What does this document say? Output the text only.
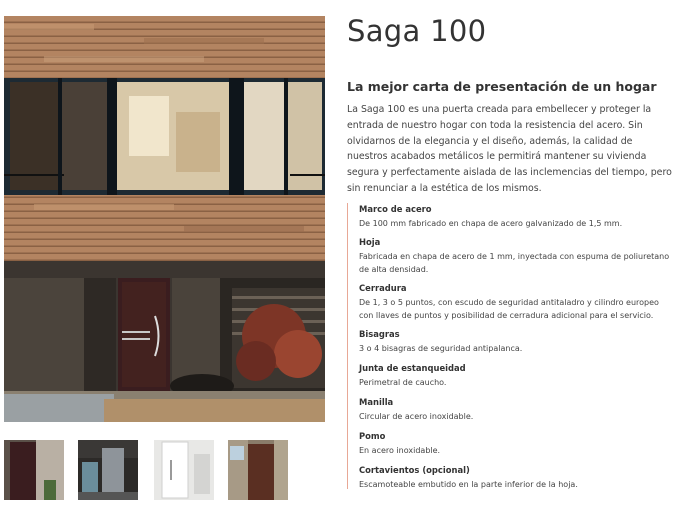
Saga 100
La mejor carta de presentación de un hogar

La Saga 100 es una puerta creada para embellecer y proteger la entrada de nuestro hogar con toda la resistencia del acero. Sin olvidarnos de la elegancia y el diseño, además, la calidad de nuestros acabados metálicos le permitirá mantener su vivienda segura y perfectamente aislada de las inclemencias del tiempo, pero sin renunciar a la estética de los mismos.

Marco de acero
De 100 mm fabricado en chapa de acero galvanizado de 1,5 mm.
Hoja
Fabricada en chapa de acero de 1 mm, inyectada con espuma de poliuretano de alta densidad.
Cerradura
De 1, 3 o 5 puntos, con escudo de seguridad antitaladro y cilindro europeo con llaves de puntos y posibilidad de cerradura adicional para el servicio.
Bisagras
3 o 4 bisagras de seguridad antipalanca.
Junta de estanqueidad
Perimetral de caucho.
Manilla
Circular de acero inoxidable.
Pomo
En acero inoxidable.
Cortavientos (opcional)
Escamoteable embutido en la parte inferior de la hoja.
